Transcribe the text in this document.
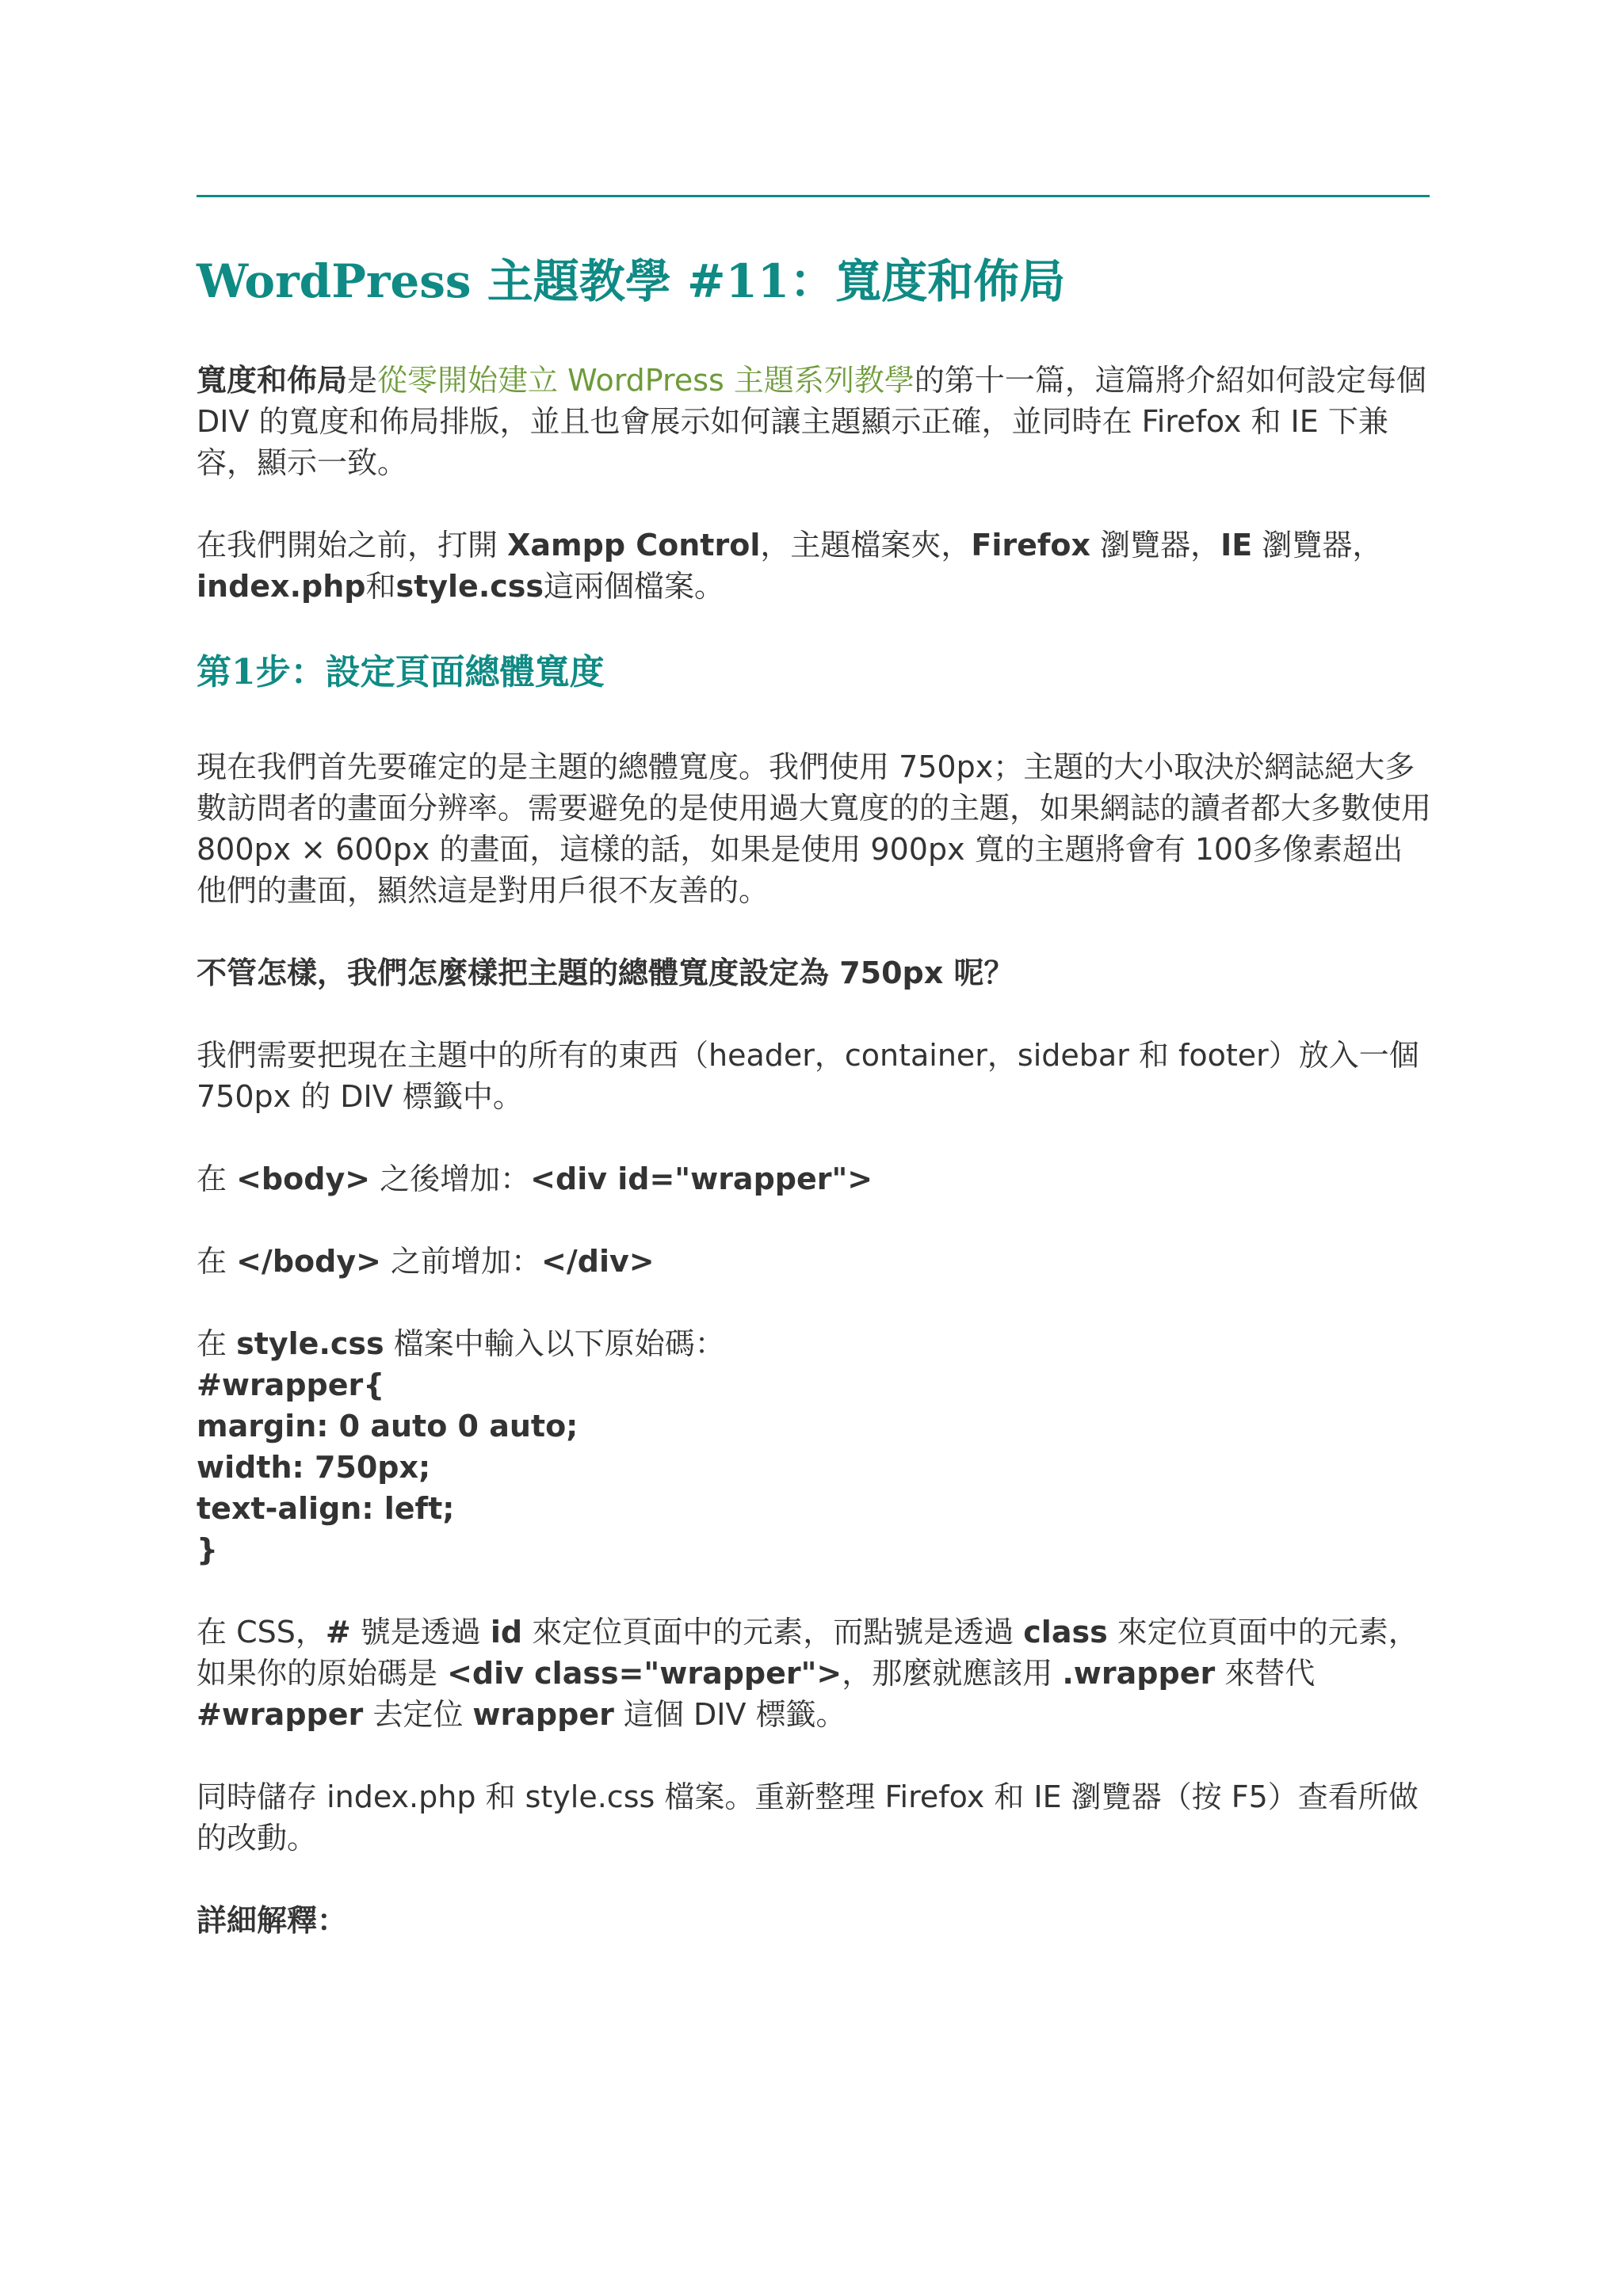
WordPress 主題教學 #11：寬度和佈局

寬度和佈局是從零開始建立 WordPress 主題系列教學的第十一篇，這篇將介紹如何設定每個 DIV 的寬度和佈局排版，並且也會展示如何讓主題顯示正確，並同時在 Firefox 和 IE 下兼容，顯示一致。

在我們開始之前，打開 Xampp Control，主題檔案夾，Firefox 瀏覽器，IE 瀏覽器，index.php和style.css這兩個檔案。

第1步：設定頁面總體寬度

現在我們首先要確定的是主題的總體寬度。我們使用 750px；主題的大小取決於網誌絕大多數訪問者的畫面分辨率。需要避免的是使用過大寬度的的主題，如果網誌的讀者都大多數使用 800px × 600px 的畫面，這樣的話，如果是使用 900px 寬的主題將會有 100多像素超出他們的畫面，顯然這是對用戶很不友善的。

不管怎樣，我們怎麼樣把主題的總體寬度設定為 750px 呢？

我們需要把現在主題中的所有的東西（header，container，sidebar 和 footer）放入一個 750px 的 DIV 標籤中。

在 <body> 之後增加：<div id="wrapper">

在 </body> 之前增加：</div>

在 style.css 檔案中輸入以下原始碼：
#wrapper{
margin: 0 auto 0 auto;
width: 750px;
text-align: left;
}

在 CSS，# 號是透過 id 來定位頁面中的元素，而點號是透過 class 來定位頁面中的元素，如果你的原始碼是 <div class="wrapper">，那麼就應該用 .wrapper 來替代 #wrapper 去定位 wrapper 這個 DIV 標籤。

同時儲存 index.php 和 style.css 檔案。重新整理 Firefox 和 IE 瀏覽器（按 F5）查看所做的改動。

詳細解釋：
